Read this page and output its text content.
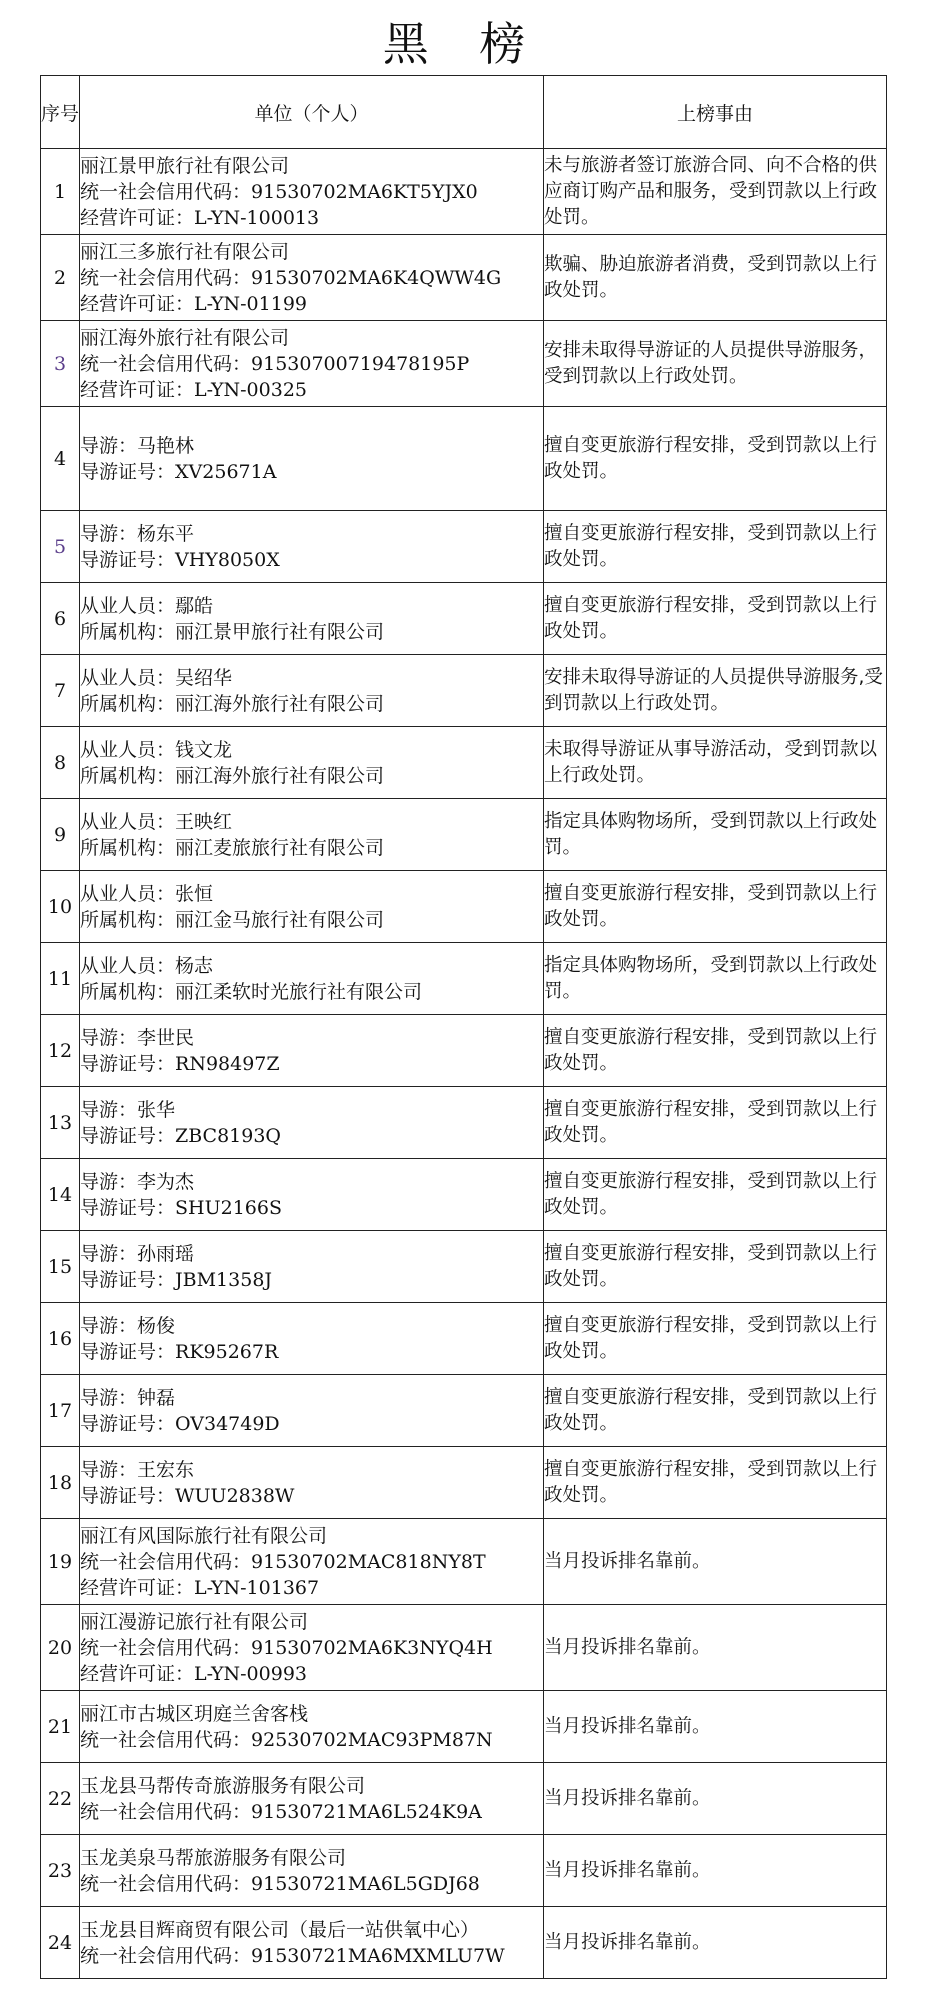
黑 榜
序号	单位（个人）	上榜事由
1	丽江景甲旅行社有限公司
统一社会信用代码：91530702MA6KT5YJX0
经营许可证：L-YN-100013	未与旅游者签订旅游合同、向不合格的供应商订购产品和服务，受到罚款以上行政处罚。

2	丽江三多旅行社有限公司
统一社会信用代码：91530702MA6K4QWW4G
经营许可证：L-YN-01199	欺骗、胁迫旅游者消费，受到罚款以上行政处罚。

3	丽江海外旅行社有限公司
统一社会信用代码：91530700719478195P
经营许可证：L-YN-00325	安排未取得导游证的人员提供导游服务，受到罚款以上行政处罚。

4	导游：马艳林
导游证号：XV25671A	擅自变更旅游行程安排，受到罚款以上行政处罚。

5	导游：杨东平
导游证号：VHY8050X	擅自变更旅游行程安排，受到罚款以上行政处罚。

6	从业人员：鄢皓
所属机构：丽江景甲旅行社有限公司	擅自变更旅游行程安排，受到罚款以上行政处罚。

7	从业人员：吴绍华
所属机构：丽江海外旅行社有限公司	安排未取得导游证的人员提供导游服务,受到罚款以上行政处罚。

8	从业人员：钱文龙
所属机构：丽江海外旅行社有限公司	未取得导游证从事导游活动，受到罚款以上行政处罚。

9	从业人员：王映红
所属机构：丽江麦旅旅行社有限公司	指定具体购物场所，受到罚款以上行政处罚。

10	从业人员：张恒
所属机构：丽江金马旅行社有限公司	擅自变更旅游行程安排，受到罚款以上行政处罚。

11	从业人员：杨志
所属机构：丽江柔软时光旅行社有限公司	指定具体购物场所，受到罚款以上行政处罚。

12	导游：李世民
导游证号：RN98497Z	擅自变更旅游行程安排，受到罚款以上行政处罚。

13	导游：张华
导游证号：ZBC8193Q	擅自变更旅游行程安排，受到罚款以上行政处罚。

14	导游：李为杰
导游证号：SHU2166S	擅自变更旅游行程安排，受到罚款以上行政处罚。

15	导游：孙雨瑶
导游证号：JBM1358J	擅自变更旅游行程安排，受到罚款以上行政处罚。

16	导游：杨俊
导游证号：RK95267R	擅自变更旅游行程安排，受到罚款以上行政处罚。

17	导游：钟磊
导游证号：OV34749D	擅自变更旅游行程安排，受到罚款以上行政处罚。

18	导游：王宏东
导游证号：WUU2838W	擅自变更旅游行程安排，受到罚款以上行政处罚。

19	丽江有风国际旅行社有限公司
统一社会信用代码：91530702MAC818NY8T
经营许可证：L-YN-101367	当月投诉排名靠前。

20	丽江漫游记旅行社有限公司
统一社会信用代码：91530702MA6K3NYQ4H
经营许可证：L-YN-00993	当月投诉排名靠前。

21	丽江市古城区玥庭兰舍客栈
统一社会信用代码：92530702MAC93PM87N	当月投诉排名靠前。

22	玉龙县马帮传奇旅游服务有限公司
统一社会信用代码：91530721MA6L524K9A	当月投诉排名靠前。

23	玉龙美泉马帮旅游服务有限公司
统一社会信用代码：91530721MA6L5GDJ68	当月投诉排名靠前。

24	玉龙县目辉商贸有限公司（最后一站供氧中心）
统一社会信用代码：91530721MA6MXMLU7W	当月投诉排名靠前。
